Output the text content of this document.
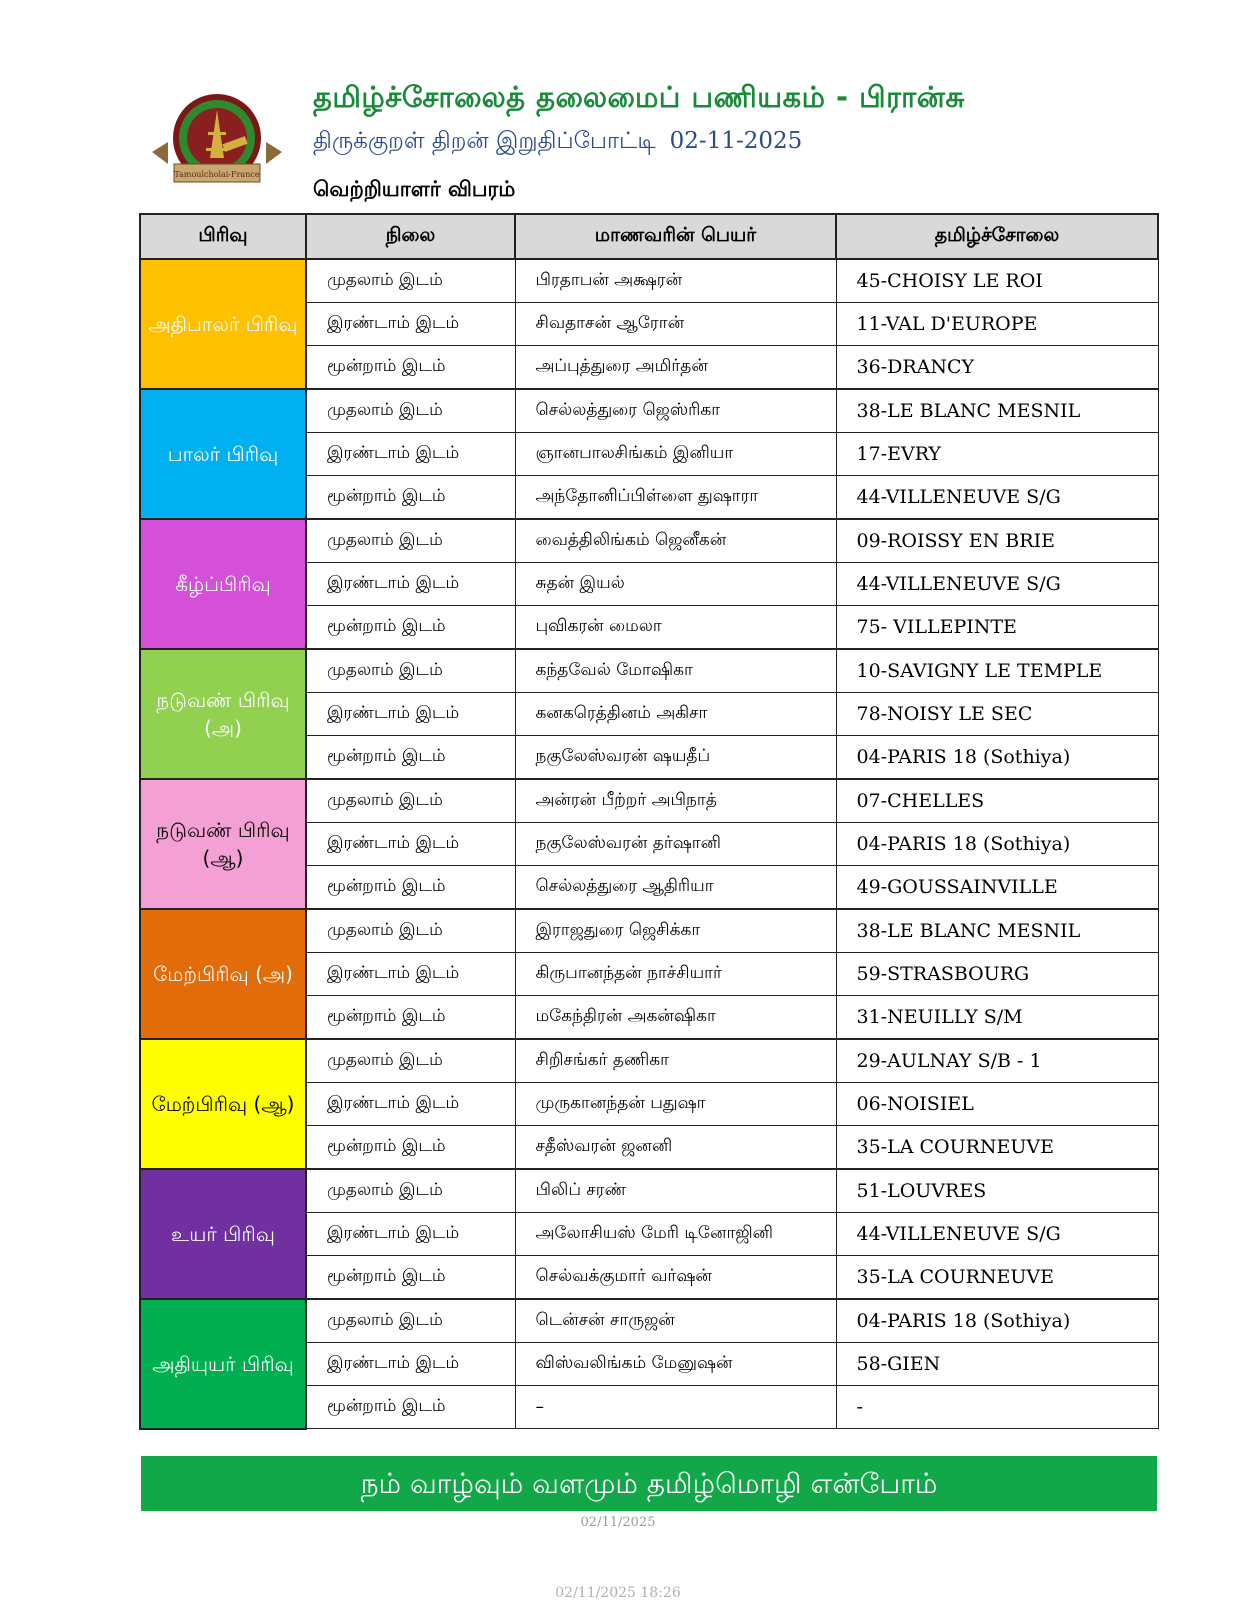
Tamoulcholai-France
தமிழ்ச்சோலைத் தலைமைப் பணியகம் - பிரான்சு
திருக்குறள் திறன் இறுதிப்போட்டி 02-11-2025
வெற்றியாளர் விபரம்
பிரிவு	நிலை	மாணவரின் பெயர்	தமிழ்ச்சோலை
அதிபாலர் பிரிவு	முதலாம் இடம்	பிரதாபன் அக்ஷரன்	45-CHOISY LE ROI
	இரண்டாம் இடம்	சிவதாசன் ஆரோன்	11-VAL D'EUROPE
	மூன்றாம் இடம்	அப்புத்துரை அமிர்தன்	36-DRANCY
பாலர் பிரிவு	முதலாம் இடம்	செல்லத்துரை ஜெஸ்ரிகா	38-LE BLANC MESNIL
	இரண்டாம் இடம்	ஞானபாலசிங்கம் இனியா	17-EVRY
	மூன்றாம் இடம்	அந்தோனிப்பிள்ளை துஷாரா	44-VILLENEUVE S/G
கீழ்ப்பிரிவு	முதலாம் இடம்	வைத்திலிங்கம் ஜெனீகன்	09-ROISSY EN BRIE
	இரண்டாம் இடம்	சுதன் இயல்	44-VILLENEUVE S/G
	மூன்றாம் இடம்	புவிகரன் மைலா	75- VILLEPINTE
நடுவண் பிரிவு (அ)	முதலாம் இடம்	கந்தவேல் மோஷிகா	10-SAVIGNY LE TEMPLE
	இரண்டாம் இடம்	கனகரெத்தினம் அகிசா	78-NOISY LE SEC
	மூன்றாம் இடம்	நகுலேஸ்வரன் ஷயதீப்	04-PARIS 18 (Sothiya)
நடுவண் பிரிவு (ஆ)	முதலாம் இடம்	அன்ரன் பீற்றர் அபிநாத்	07-CHELLES
	இரண்டாம் இடம்	நகுலேஸ்வரன் தர்ஷானி	04-PARIS 18 (Sothiya)
	மூன்றாம் இடம்	செல்லத்துரை ஆதிரியா	49-GOUSSAINVILLE
மேற்பிரிவு (அ)	முதலாம் இடம்	இராஜதுரை ஜெசிக்கா	38-LE BLANC MESNIL
	இரண்டாம் இடம்	கிருபானந்தன் நாச்சியார்	59-STRASBOURG
	மூன்றாம் இடம்	மகேந்திரன் அகன்ஷிகா	31-NEUILLY S/M
மேற்பிரிவு (ஆ)	முதலாம் இடம்	சிறிசங்கர் தணிகா	29-AULNAY S/B - 1
	இரண்டாம் இடம்	முருகானந்தன் பதுஷா	06-NOISIEL
	மூன்றாம் இடம்	சதீஸ்வரன் ஜனனி	35-LA COURNEUVE
உயர் பிரிவு	முதலாம் இடம்	பிலிப் சரண்	51-LOUVRES
	இரண்டாம் இடம்	அலோசியஸ் மேரி டினோஜினி	44-VILLENEUVE S/G
	மூன்றாம் இடம்	செல்வக்குமார் வர்ஷன்	35-LA COURNEUVE
அதியுயர் பிரிவு	முதலாம் இடம்	டென்சன் சாருஜன்	04-PARIS 18 (Sothiya)
	இரண்டாம் இடம்	விஸ்வலிங்கம் மேனுஷன்	58-GIEN
	மூன்றாம் இடம்	–	-
நம் வாழ்வும் வளமும் தமிழ்மொழி என்போம்
02/11/2025
02/11/2025 18:26
